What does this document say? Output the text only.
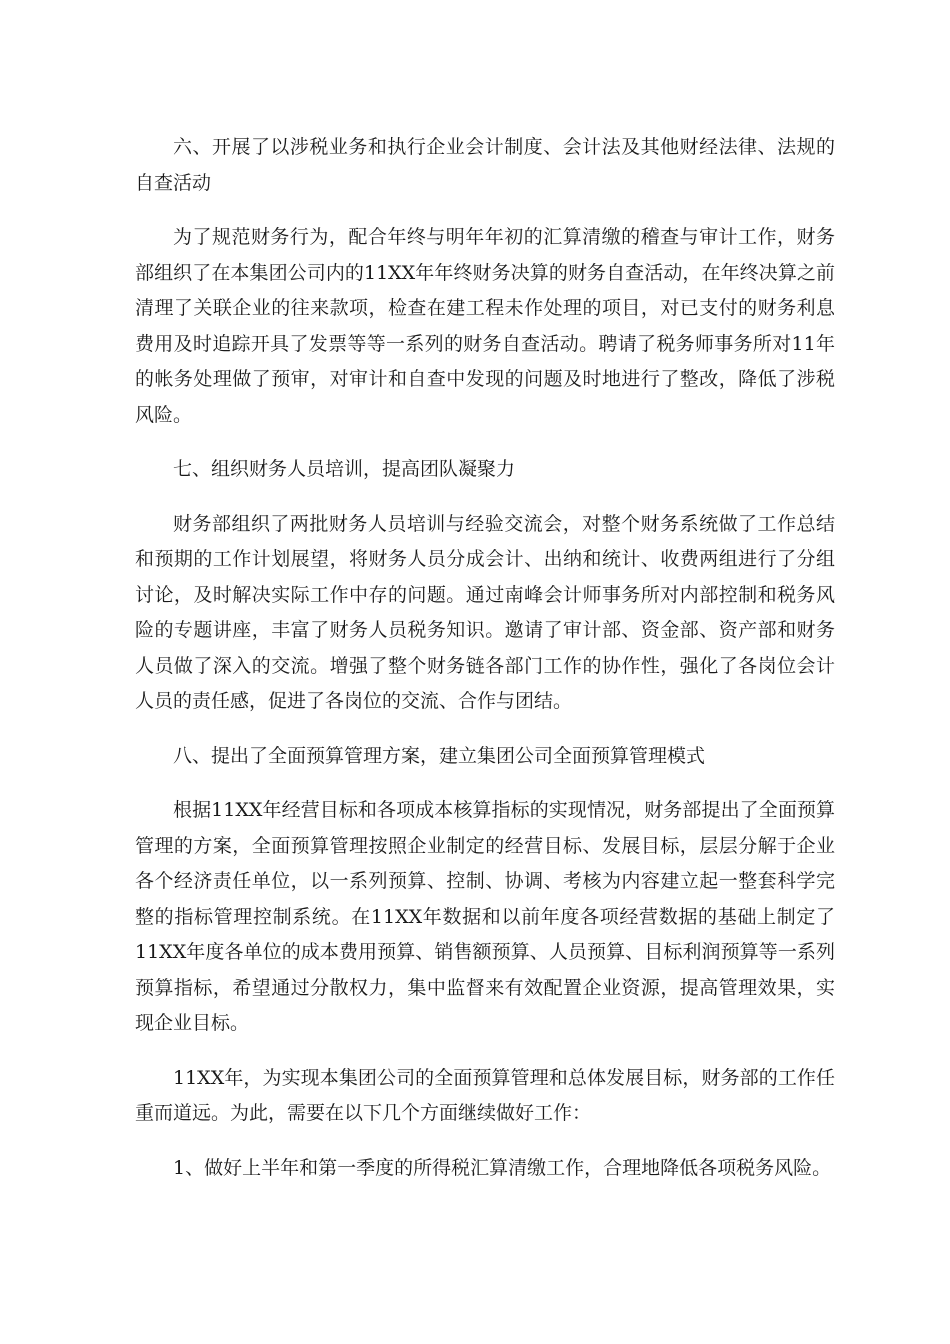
六、开展了以涉税业务和执行企业会计制度、会计法及其他财经法律、法规的自查活动

为了规范财务行为，配合年终与明年年初的汇算清缴的稽查与审计工作，财务部组织了在本集团公司内的11XX年年终财务决算的财务自查活动，在年终决算之前清理了关联企业的往来款项，检查在建工程未作处理的项目，对已支付的财务利息费用及时追踪开具了发票等等一系列的财务自查活动。聘请了税务师事务所对11年的帐务处理做了预审，对审计和自查中发现的问题及时地进行了整改，降低了涉税风险。

七、组织财务人员培训，提高团队凝聚力

财务部组织了两批财务人员培训与经验交流会，对整个财务系统做了工作总结和预期的工作计划展望，将财务人员分成会计、出纳和统计、收费两组进行了分组讨论，及时解决实际工作中存的问题。通过南峰会计师事务所对内部控制和税务风险的专题讲座，丰富了财务人员税务知识。邀请了审计部、资金部、资产部和财务人员做了深入的交流。增强了整个财务链各部门工作的协作性，强化了各岗位会计人员的责任感，促进了各岗位的交流、合作与团结。

八、提出了全面预算管理方案，建立集团公司全面预算管理模式

根据11XX年经营目标和各项成本核算指标的实现情况，财务部提出了全面预算管理的方案，全面预算管理按照企业制定的经营目标、发展目标，层层分解于企业各个经济责任单位，以一系列预算、控制、协调、考核为内容建立起一整套科学完整的指标管理控制系统。在11XX年数据和以前年度各项经营数据的基础上制定了11XX年度各单位的成本费用预算、销售额预算、人员预算、目标利润预算等一系列预算指标，希望通过分散权力，集中监督来有效配置企业资源，提高管理效果，实现企业目标。

11XX年，为实现本集团公司的全面预算管理和总体发展目标，财务部的工作任重而道远。为此，需要在以下几个方面继续做好工作：

1、做好上半年和第一季度的所得税汇算清缴工作，合理地降低各项税务风险。
